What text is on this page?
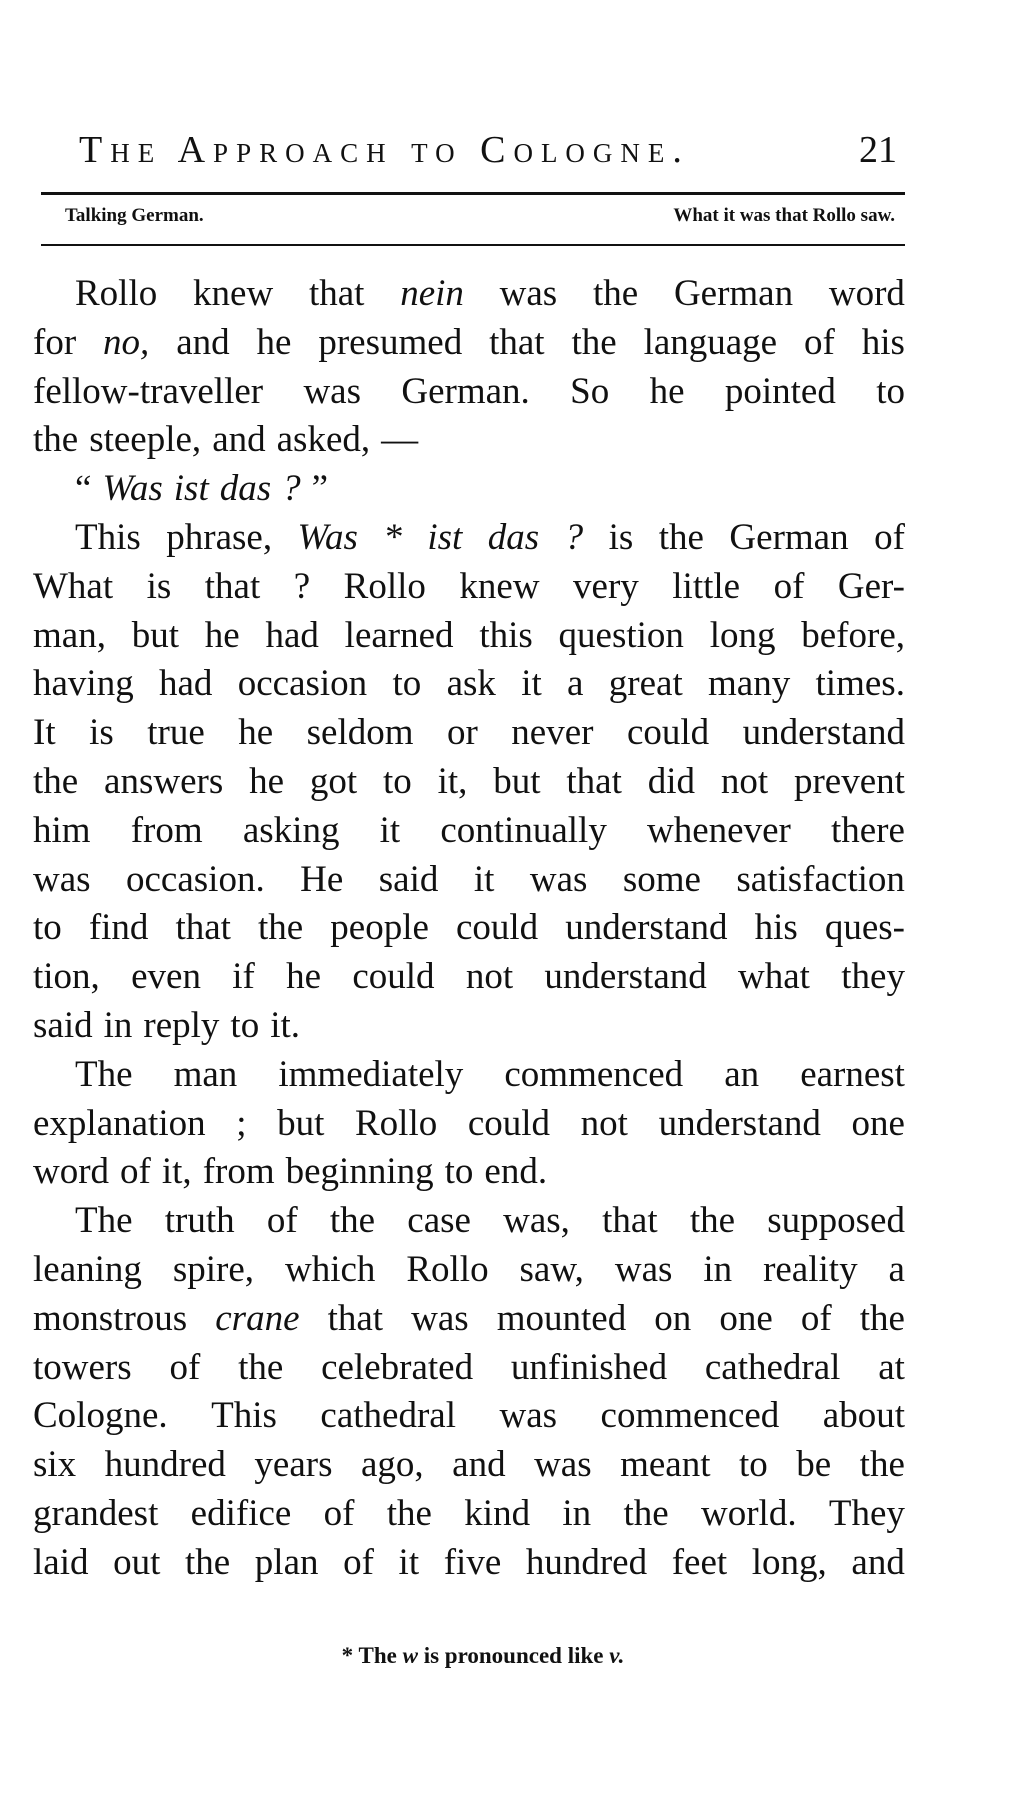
The Approach to Cologne.	21
Talking German.	What it was that Rollo saw.
Rollo knew that nein was the German word
for no, and he presumed that the language of his
fellow-traveller was German. So he pointed to
the steeple, and asked, —
“ Was ist das ? ”
This phrase, Was * ist das ? is the German of
What is that ? Rollo knew very little of Ger-
man, but he had learned this question long before,
having had occasion to ask it a great many times.
It is true he seldom or never could understand
the answers he got to it, but that did not prevent
him from asking it continually whenever there
was occasion. He said it was some satisfaction
to find that the people could understand his ques-
tion, even if he could not understand what they
said in reply to it.
The man immediately commenced an earnest
explanation ; but Rollo could not understand one
word of it, from beginning to end.
The truth of the case was, that the supposed
leaning spire, which Rollo saw, was in reality a
monstrous crane that was mounted on one of the
towers of the celebrated unfinished cathedral at
Cologne. This cathedral was commenced about
six hundred years ago, and was meant to be the
grandest edifice of the kind in the world. They
laid out the plan of it five hundred feet long, and
* The w is pronounced like v.
